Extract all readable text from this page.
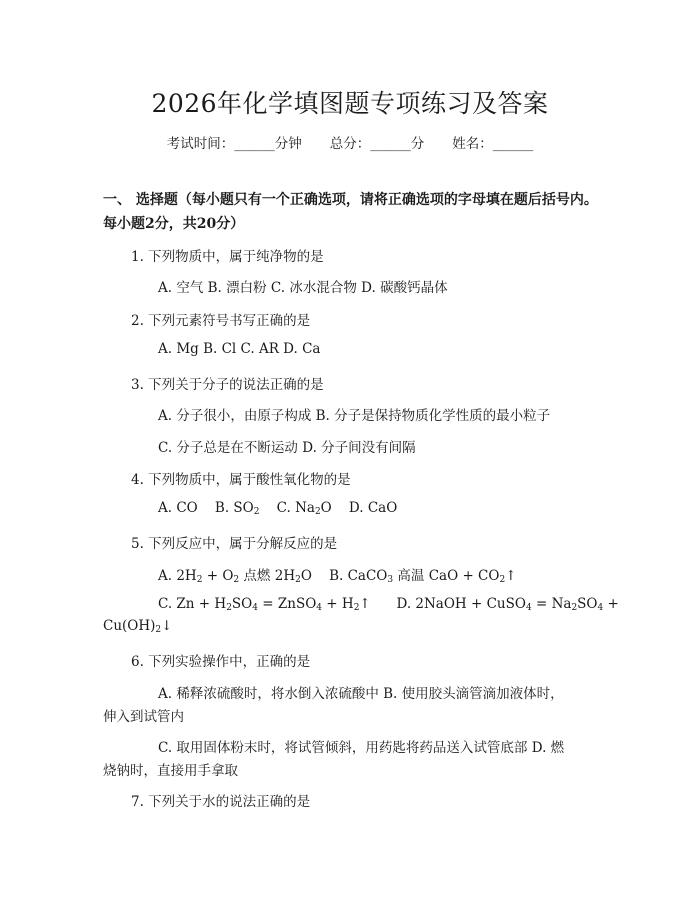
2026年化学填图题专项练习及答案
考试时间：______分钟 总分：______分 姓名：______
一、 选择题（每小题只有一个正确选项，请将正确选项的字母填在题后括号内。
每小题2分，共20分）
1. 下列物质中，属于纯净物的是
A. 空气 B. 漂白粉 C. 冰水混合物 D. 碳酸钙晶体
2. 下列元素符号书写正确的是
A. Mg B. Cl C. AR D. Ca
3. 下列关于分子的说法正确的是
A. 分子很小，由原子构成 B. 分子是保持物质化学性质的最小粒子
C. 分子总是在不断运动 D. 分子间没有间隔
4. 下列物质中，属于酸性氧化物的是
A. CO B. $SO_2$ C. $Na_2O$ D. CaO
5. 下列反应中，属于分解反应的是
A. $2H_2 + O_2$ 点燃 $2H_2O$ B. CaCO$_3$ 高温 CaO + $CO_2↑$
C. $Zn + H_2SO_4$ = ZnSO$_4$ + $H_2↑$ D. 2NaOH + CuSO$_4$ = $Na_2SO_4$ +
$Cu(OH)_2↓$
6. 下列实验操作中，正确的是
A. 稀释浓硫酸时，将水倒入浓硫酸中 B. 使用胶头滴管滴加液体时，
伸入到试管内
C. 取用固体粉末时，将试管倾斜，用药匙将药品送入试管底部 D. 燃
烧钠时，直接用手拿取
7. 下列关于水的说法正确的是
